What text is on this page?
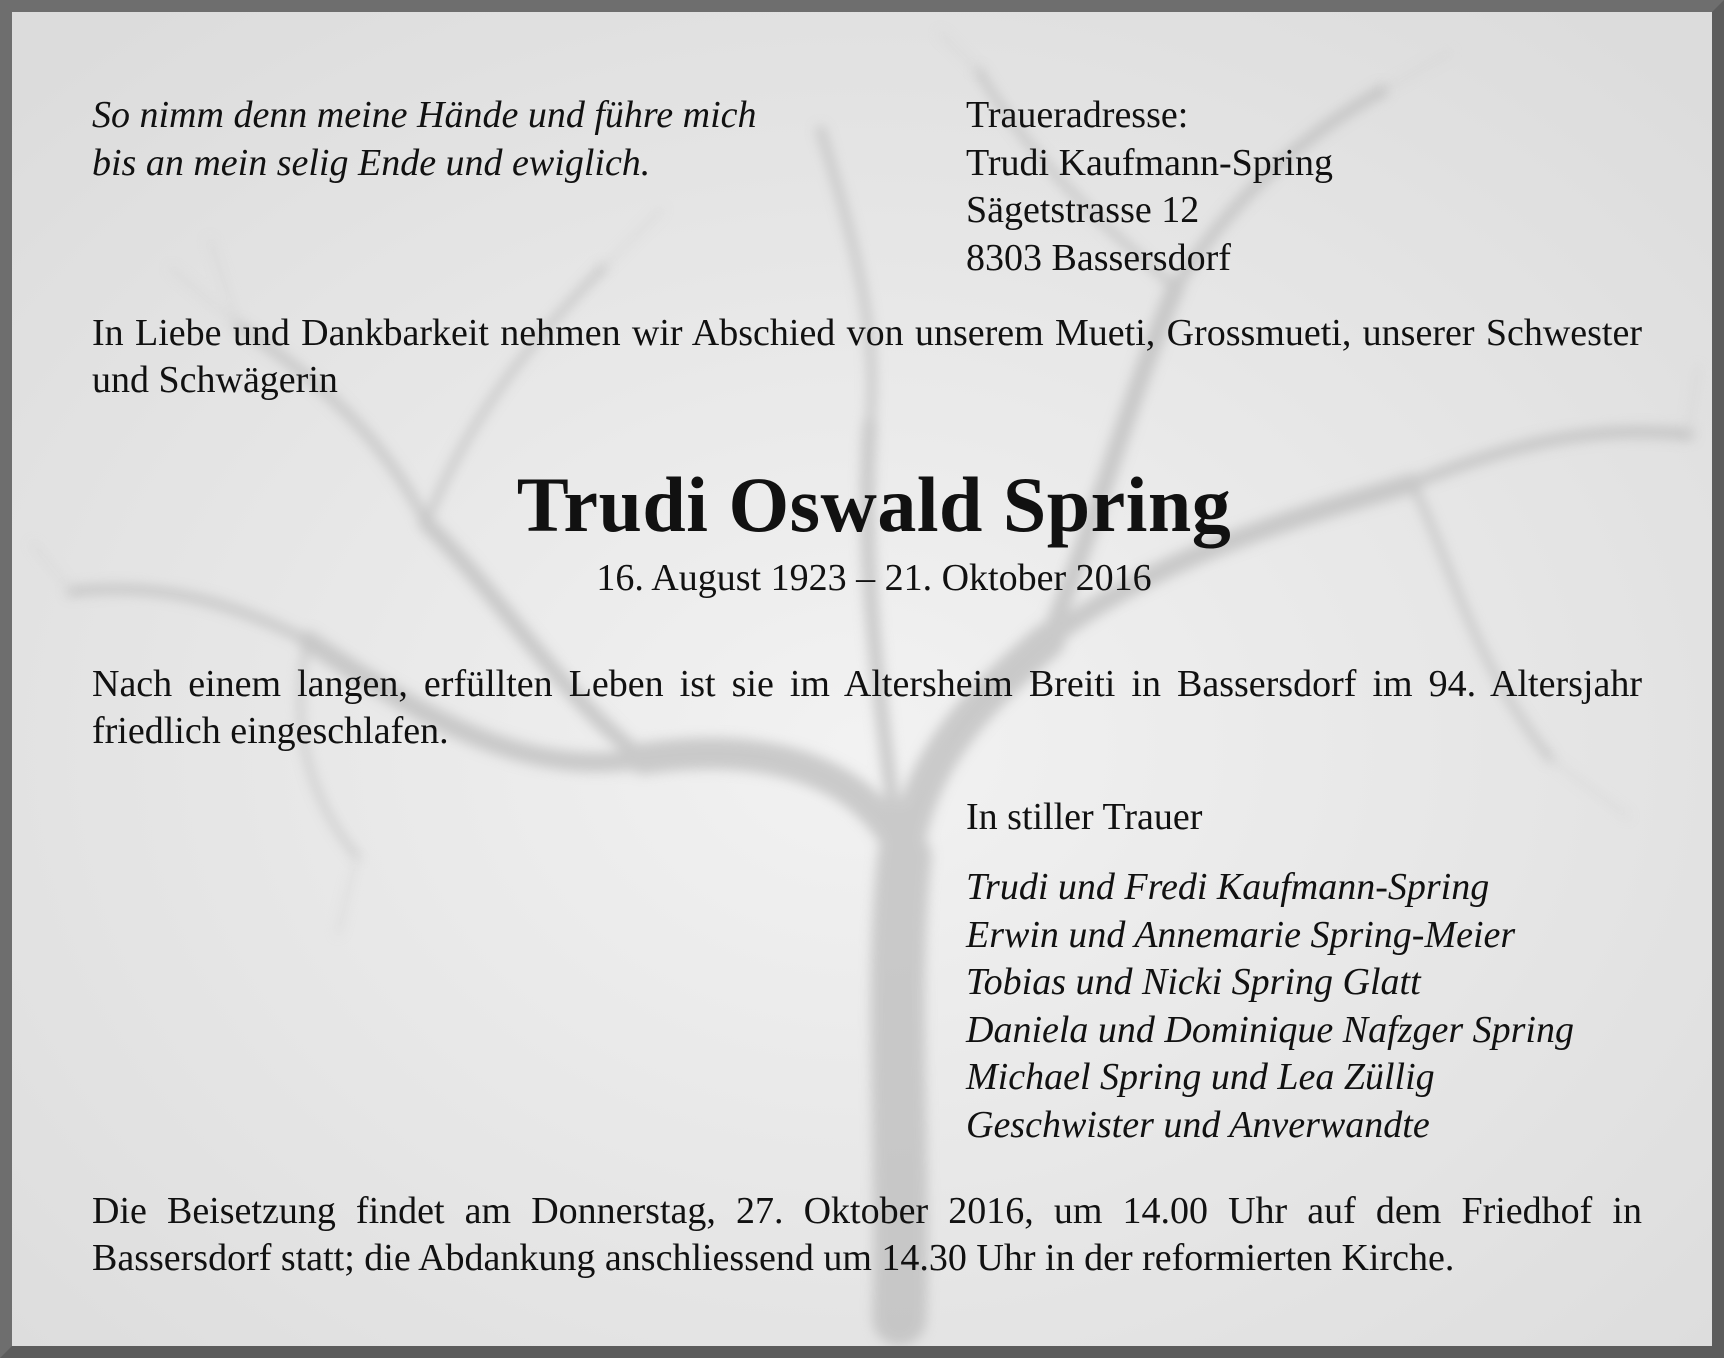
So nimm denn meine Hände und führe mich
bis an mein selig Ende und ewiglich.
Traueradresse:
Trudi Kaufmann-Spring
Sägetstrasse 12
8303 Bassersdorf

In Liebe und Dankbarkeit nehmen wir Abschied von unserem Mueti, Grossmueti, unserer Schwester und Schwägerin

Trudi Oswald Spring
16. August 1923 – 21. Oktober 2016

Nach einem langen, erfüllten Leben ist sie im Altersheim Breiti in Bassersdorf im 94. Altersjahr friedlich eingeschlafen.

In stiller Trauer
Trudi und Fredi Kaufmann-Spring
Erwin und Annemarie Spring-Meier
Tobias und Nicki Spring Glatt
Daniela und Dominique Nafzger Spring
Michael Spring und Lea Züllig
Geschwister und Anverwandte

Die Beisetzung findet am Donnerstag, 27. Oktober 2016, um 14.00 Uhr auf dem Friedhof in Bassersdorf statt; die Abdankung anschliessend um 14.30 Uhr in der reformierten Kirche.
